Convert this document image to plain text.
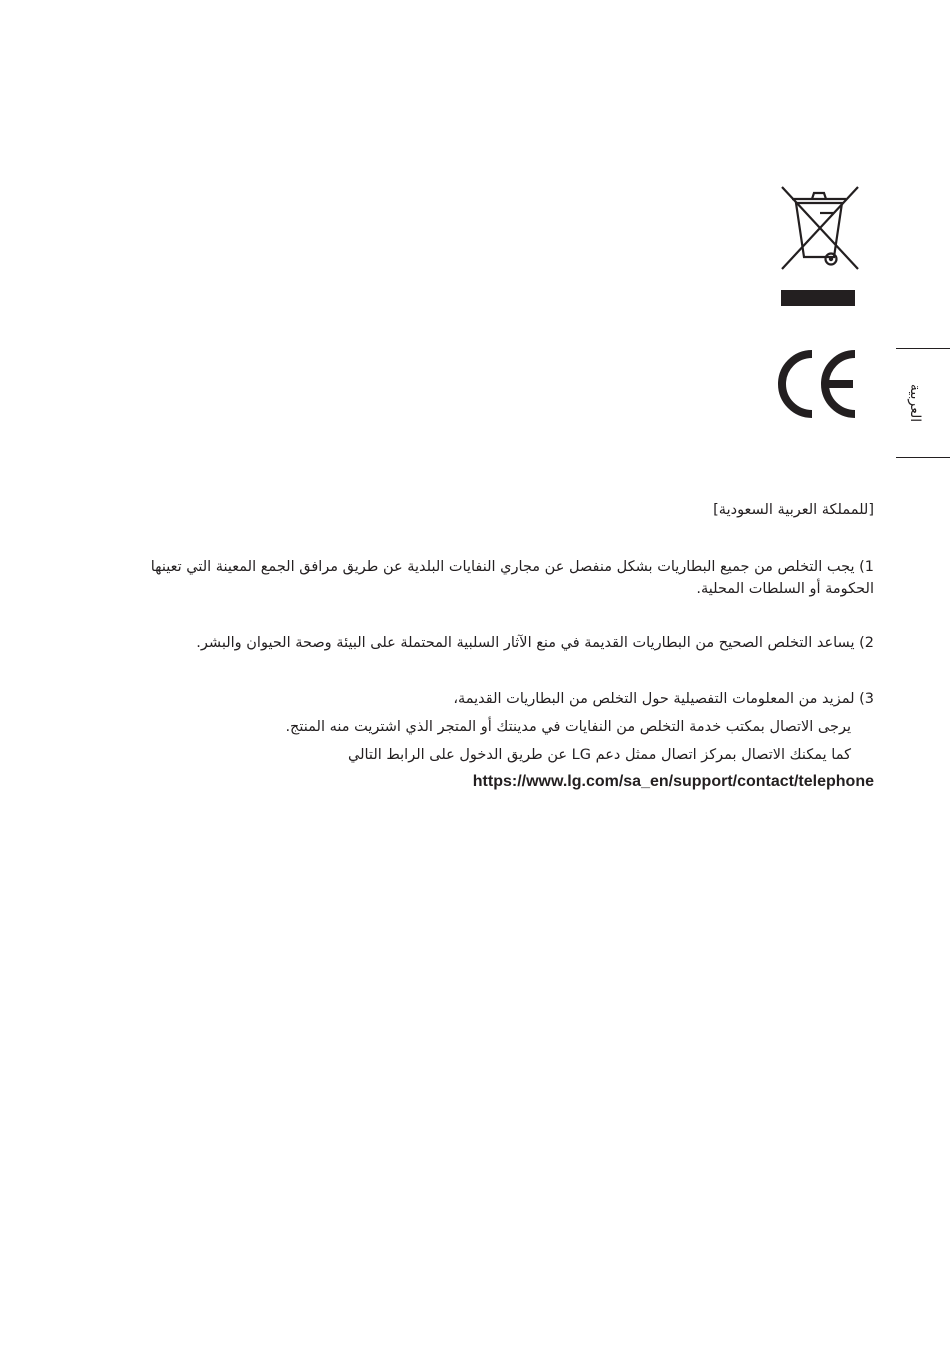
العربية
[للمملكة العربية السعودية]
1) يجب التخلص من جميع البطاريات بشكل منفصل عن مجاري النفايات البلدية عن طريق مرافق الجمع المعينة التي تعينها الحكومة أو السلطات المحلية.
2) يساعد التخلص الصحيح من البطاريات القديمة في منع الآثار السلبية المحتملة على البيئة وصحة الحيوان والبشر.
3) لمزيد من المعلومات التفصيلية حول التخلص من البطاريات القديمة،
يرجى الاتصال بمكتب خدمة التخلص من النفايات في مدينتك أو المتجر الذي اشتريت منه المنتج.
كما يمكنك الاتصال بمركز اتصال ممثل دعم LG عن طريق الدخول على الرابط التالي
https://www.lg.com/sa_en/support/contact/telephone
